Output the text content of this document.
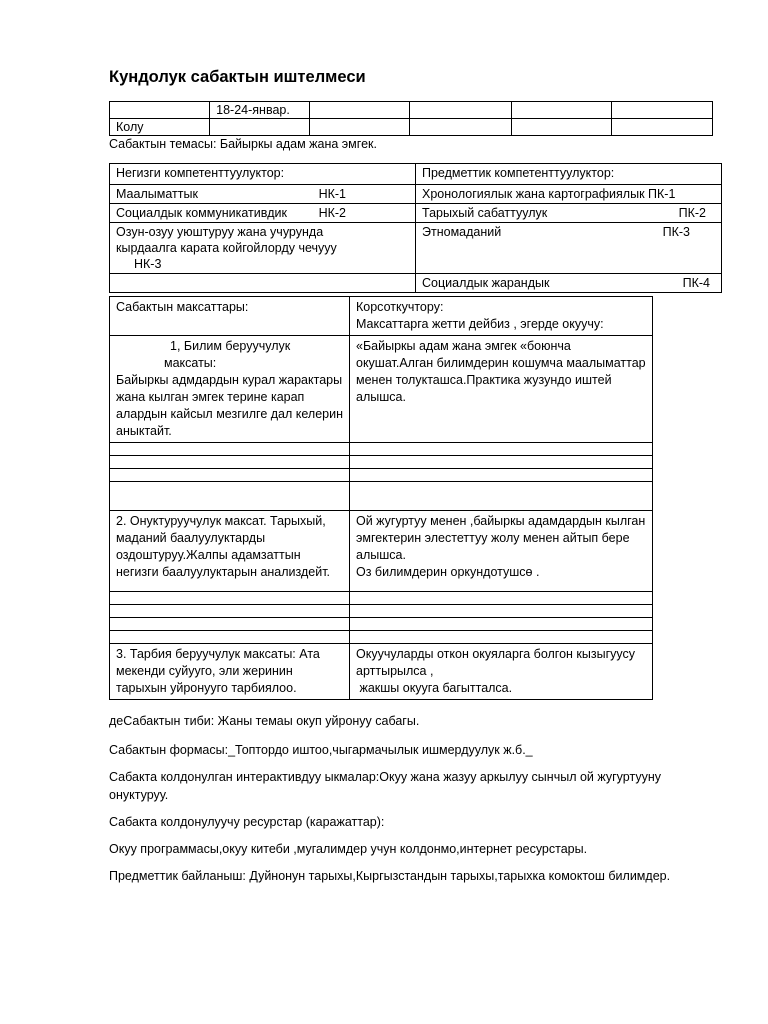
Кундолук сабактын иштелмеси
	18-24-январ.				
Колу					

Сабактын темасы: Байыркы адам жана эмгек.

Негизги компетенттуулуктор:	Предметтик компетенттуулуктор:

Маалыматтык НК-1	Хронологиялык жана картографиялык ПК-1

Социалдык коммуникативдик НК-2	Тарыхый сабаттуулук ПК-2

Озун-озуу уюштуруу жана учурунда кырдаалга карата койгойлорду чечууу НК-3	Этномаданий ПК-3

	Социалдык жарандык ПК-4
Сабактын максаттары:	Корсоткучтору:
Максаттарга жетти дейбиз , эгерде окуучу:

1, Билим беруучулук
максаты:
Байыркы адмдардын курал жарактары жана кылган эмгек терине карап алардын кайсыл мезгилге дал келерин аныктайт.	«Байыркы адам жана эмгек «боюнча окушат.Алган билимдерин кошумча маалыматтар менен толукташса.Практика жузундо иштей алышса.

2. Онуктуруучулук максат. Тарыхый, маданий баалуулуктарды оздоштуруу.Жалпы адамзаттын негизги баалуулуктарын анализдейт.	Ой жугуртуу менен ,байыркы адамдардын кылган эмгектерин элестеттуу жолу менен айтып бере алышса.
Оз билимдерин оркундотушсө .

3. Тарбия беруучулук максаты: Ата мекенди суйууго, эли жеринин тарыхын уйронууго тарбиялоо.	Окуучуларды откон окуяларга болгон кызыгуусу арттырылса ,
жакшы окууга багытталса.

деСабактын тиби: Жаны темаы окуп уйронуу сабагы.

Сабактын формасы:_Топтордо иштоо,чыгармачылык ишмердуулук ж.б._

Сабакта колдонулган интерактивдуу ыкмалар:Окуу жана жазуу аркылуу сынчыл ой жугуртууну онуктуруу.

Сабакта колдонулуучу ресурстар (каражаттар):

Окуу программасы,окуу китеби ,мугалимдер учун колдонмо,интернет ресурстары.

Предметтик байланыш: Дуйнонун тарыхы,Кыргызстандын тарыхы,тарыхка комоктош билимдер.
